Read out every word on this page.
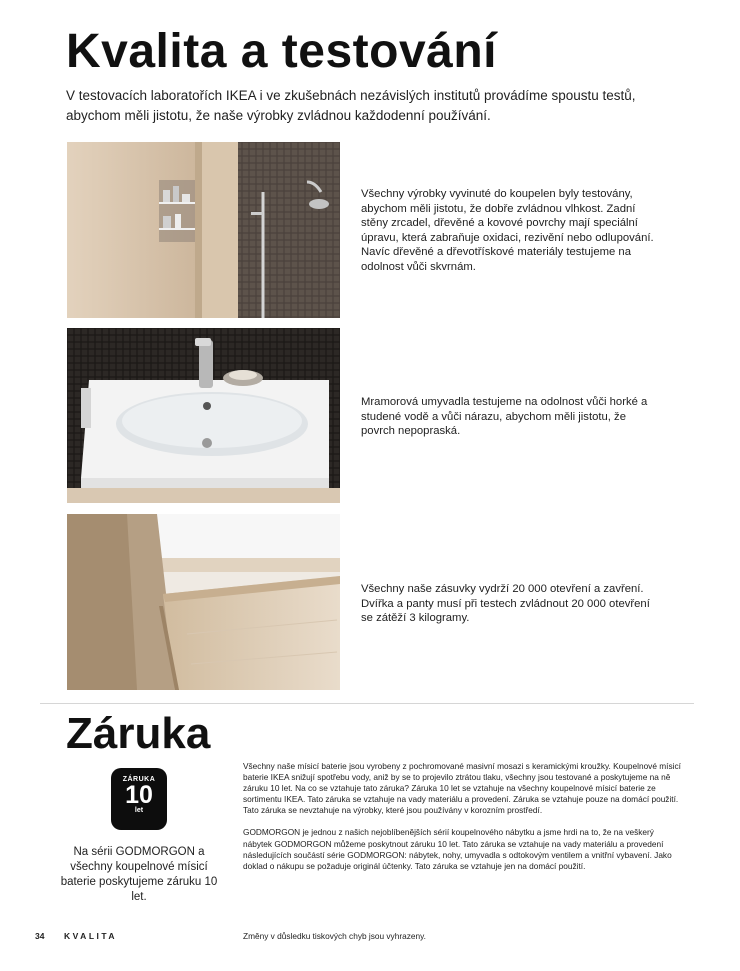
Kvalita a testování

V testovacích laboratořích IKEA i ve zkušebnách nezávislých institutů provádíme spoustu testů, abychom měli jistotu, že naše výrobky zvládnou každodenní používání.

Všechny výrobky vyvinuté do koupelen byly testovány, abychom měli jistotu, že dobře zvládnou vlhkost. Zadní stěny zrcadel, dřevěné a kovové povrchy mají speciální úpravu, která zabraňuje oxidaci, rezivění nebo odlupování. Navíc dřevěné a dřevotřískové materiály testujeme na odolnost vůči skvrnám.

Mramorová umyvadla testujeme na odolnost vůči horké a studené vodě a vůči nárazu, abychom měli jistotu, že povrch nepopraská.

Všechny naše zásuvky vydrží 20 000 otevření a zavření. Dvířka a panty musí při testech zvládnout 20 000 otevření se zátěží 3 kilogramy.

Záruka
ZÁRUKA
10
let

Na sérii GODMORGON a všechny koupelnové mísicí baterie poskytujeme záruku 10 let.

Všechny naše mísicí baterie jsou vyrobeny z pochromované masivní mosazi s keramickými kroužky. Koupelnové mísicí baterie IKEA snižují spotřebu vody, aniž by se to projevilo ztrátou tlaku, všechny jsou testované a poskytujeme na ně záruku 10 let. Na co se vztahuje tato záruka? Záruka 10 let se vztahuje na všechny koupelnové mísicí baterie ze sortimentu IKEA. Tato záruka se vztahuje na vady materiálu a provedení. Záruka se vztahuje pouze na domácí použití. Tato záruka se nevztahuje na výrobky, které jsou používány v korozním prostředí.

GODMORGON je jednou z našich nejoblíbenějších sérií koupelnového nábytku a jsme hrdi na to, že na veškerý nábytek GODMORGON můžeme poskytnout záruku 10 let. Tato záruka se vztahuje na vady materiálu a provedení následujících součástí série GODMORGON: nábytek, nohy, umyvadla s odtokovým ventilem a vnitřní vybavení. Jako doklad o nákupu se požaduje originál účtenky. Tato záruka se vztahuje jen na domácí použití.

34 KVALITA	Změny v důsledku tiskových chyb jsou vyhrazeny.
